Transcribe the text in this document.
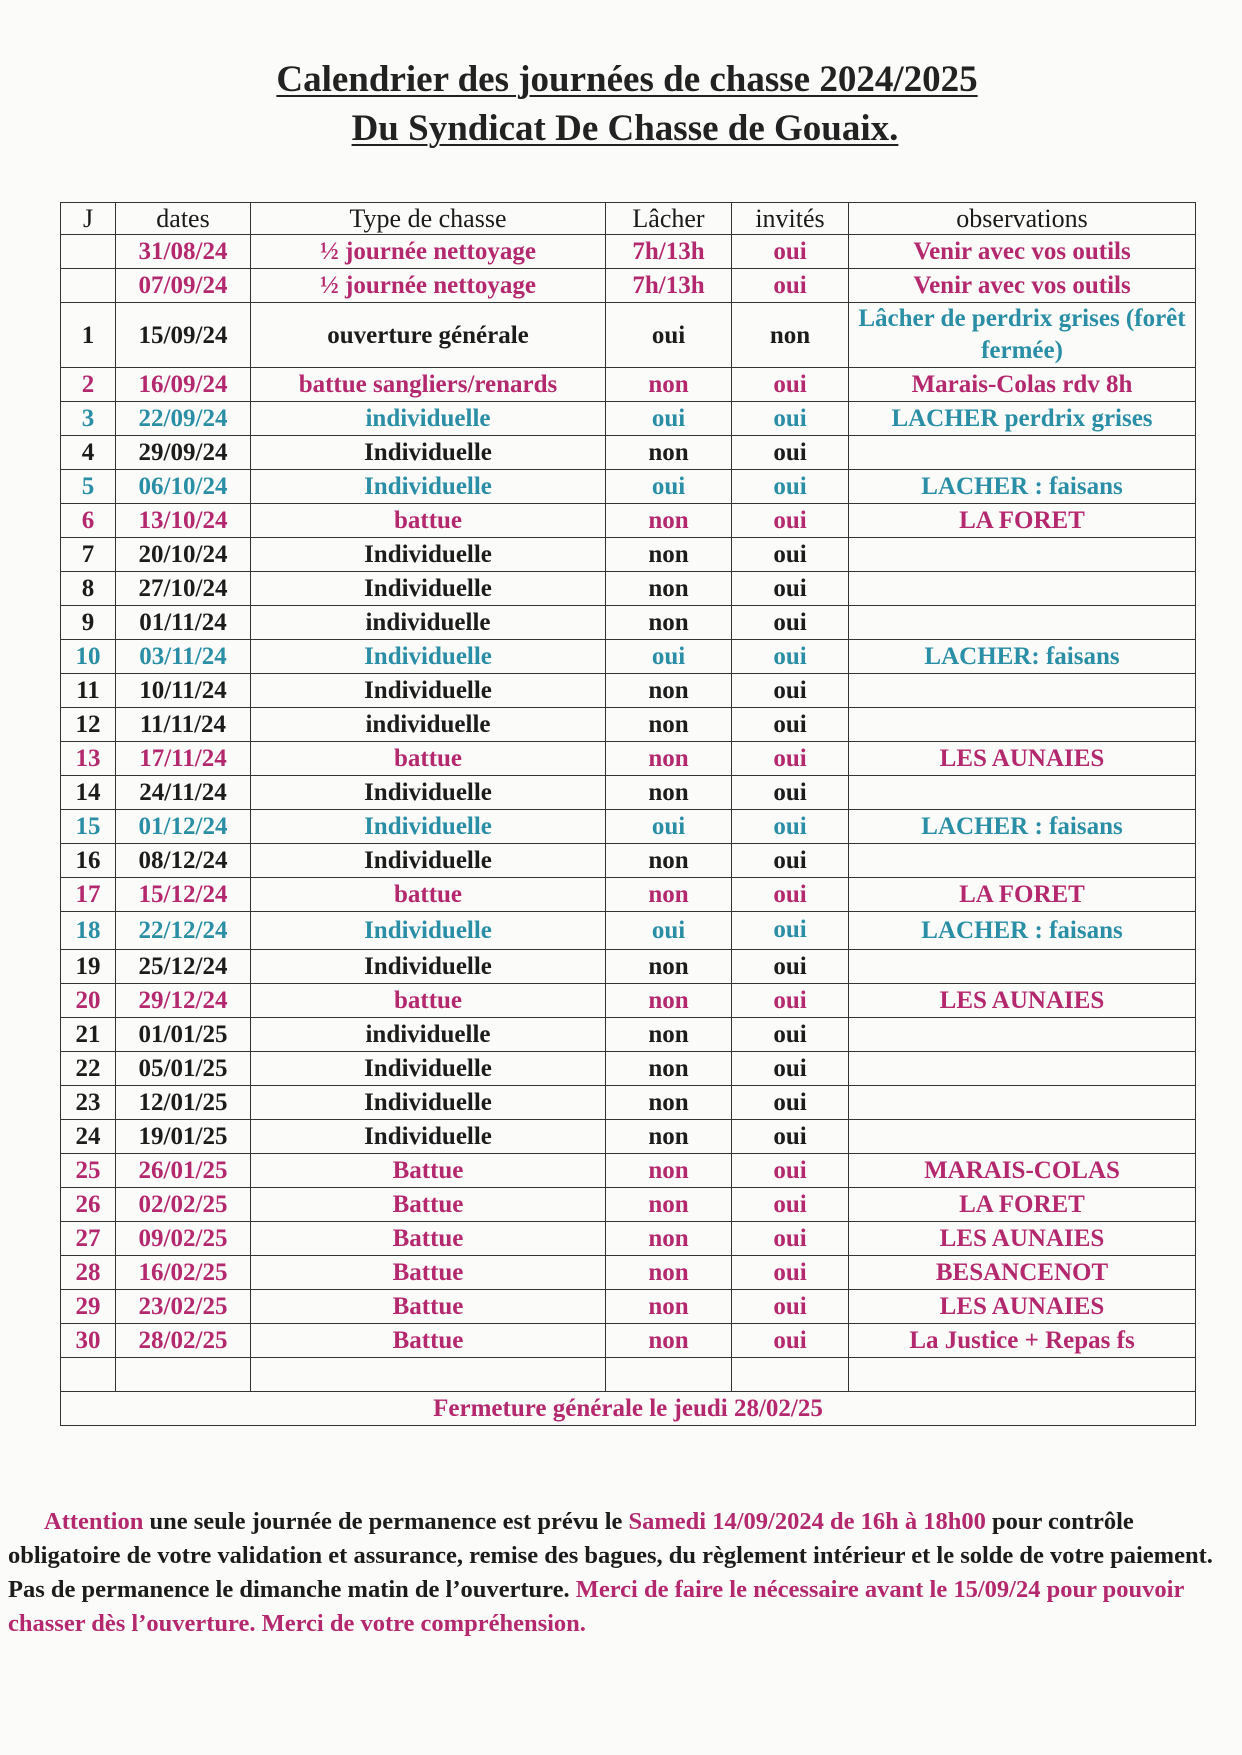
Calendrier des journées de chasse 2024/2025
Du Syndicat De Chasse de Gouaix.
J	dates	Type de chasse	Lâcher	invités	observations
	31/08/24	½ journée nettoyage	7h/13h	oui	Venir avec vos outils
	07/09/24	½ journée nettoyage	7h/13h	oui	Venir avec vos outils
1	15/09/24	ouverture générale	oui	non	Lâcher de perdrix grises (forêt fermée)
2	16/09/24	battue sangliers/renards	non	oui	Marais-Colas rdv 8h
3	22/09/24	individuelle	oui	oui	LACHER perdrix grises
4	29/09/24	Individuelle	non	oui	
5	06/10/24	Individuelle	oui	oui	LACHER : faisans
6	13/10/24	battue	non	oui	LA FORET
7	20/10/24	Individuelle	non	oui	
8	27/10/24	Individuelle	non	oui	
9	01/11/24	individuelle	non	oui	
10	03/11/24	Individuelle	oui	oui	LACHER: faisans
11	10/11/24	Individuelle	non	oui	
12	11/11/24	individuelle	non	oui	
13	17/11/24	battue	non	oui	LES AUNAIES
14	24/11/24	Individuelle	non	oui	
15	01/12/24	Individuelle	oui	oui	LACHER : faisans
16	08/12/24	Individuelle	non	oui	
17	15/12/24	battue	non	oui	LA FORET
18	22/12/24	Individuelle	oui	oui	LACHER : faisans
19	25/12/24	Individuelle	non	oui	
20	29/12/24	battue	non	oui	LES AUNAIES
21	01/01/25	individuelle	non	oui	
22	05/01/25	Individuelle	non	oui	
23	12/01/25	Individuelle	non	oui	
24	19/01/25	Individuelle	non	oui	
25	26/01/25	Battue	non	oui	MARAIS-COLAS
26	02/02/25	Battue	non	oui	LA FORET
27	09/02/25	Battue	non	oui	LES AUNAIES
28	16/02/25	Battue	non	oui	BESANCENOT
29	23/02/25	Battue	non	oui	LES AUNAIES
30	28/02/25	Battue	non	oui	La Justice + Repas fs

Fermeture générale le jeudi 28/02/25					
Attention une seule journée de permanence est prévu le Samedi 14/09/2024 de 16h à 18h00 pour contrôle obligatoire de votre validation et assurance, remise des bagues, du règlement intérieur et le solde de votre paiement. Pas de permanence le dimanche matin de l’ouverture. Merci de faire le nécessaire avant le 15/09/24 pour pouvoir chasser dès l’ouverture. Merci de votre compréhension.
